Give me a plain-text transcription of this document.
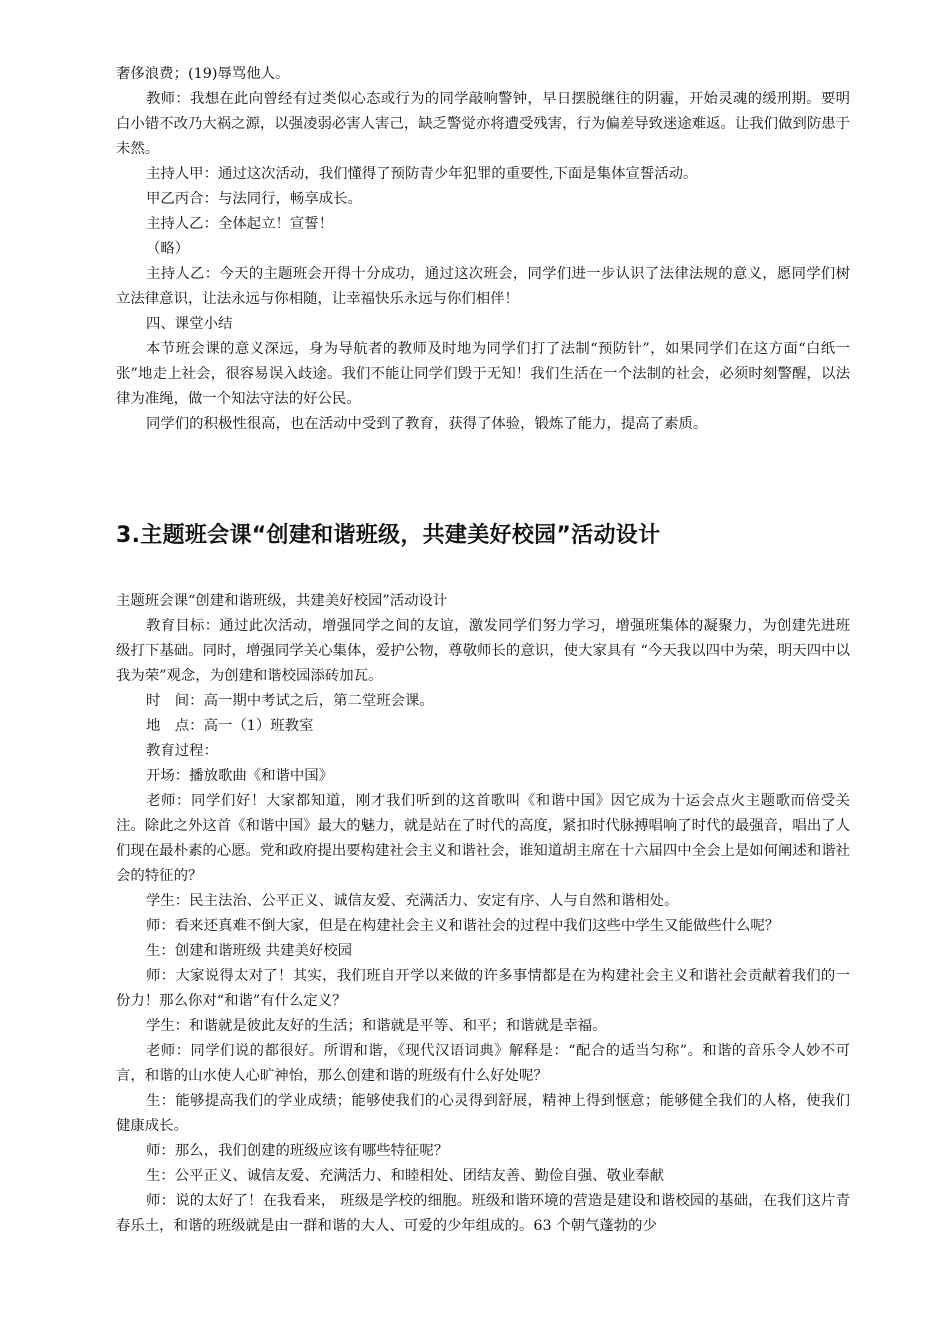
奢侈浪费；(19)辱骂他人。

教师：我想在此向曾经有过类似心态或行为的同学敲响警钟，早日摆脱继往的阴霾，开始灵魂的缓刑期。要明白小错不改乃大祸之源，以强凌弱必害人害己，缺乏警觉亦将遭受残害，行为偏差导致迷途难返。让我们做到防患于未然。

主持人甲：通过这次活动，我们懂得了预防青少年犯罪的重要性,下面是集体宣誓活动。

甲乙丙合：与法同行，畅享成长。

主持人乙：全体起立！宣誓！

（略）

主持人乙：今天的主题班会开得十分成功，通过这次班会，同学们进一步认识了法律法规的意义，愿同学们树立法律意识，让法永远与你相随，让幸福快乐永远与你们相伴！

四、课堂小结

本节班会课的意义深远，身为导航者的教师及时地为同学们打了法制“预防针”，如果同学们在这方面“白纸一张”地走上社会，很容易误入歧途。我们不能让同学们毁于无知！我们生活在一个法制的社会，必须时刻警醒，以法律为准绳，做一个知法守法的好公民。

同学们的积极性很高，也在活动中受到了教育，获得了体验，锻炼了能力，提高了素质。

3.主题班会课“创建和谐班级，共建美好校园”活动设计

主题班会课“创建和谐班级，共建美好校园”活动设计

教育目标：通过此次活动，增强同学之间的友谊，激发同学们努力学习，增强班集体的凝聚力，为创建先进班级打下基础。同时，增强同学关心集体，爱护公物，尊敬师长的意识，使大家具有 “今天我以四中为荣，明天四中以我为荣”观念，为创建和谐校园添砖加瓦。

时　间：高一期中考试之后，第二堂班会课。

地　点：高一（1）班教室

教育过程：

开场：播放歌曲《和谐中国》

老师：同学们好！大家都知道，刚才我们听到的这首歌叫《和谐中国》因它成为十运会点火主题歌而倍受关注。除此之外这首《和谐中国》最大的魅力，就是站在了时代的高度，紧扣时代脉搏唱响了时代的最强音，唱出了人们现在最朴素的心愿。党和政府提出要构建社会主义和谐社会，谁知道胡主席在十六届四中全会上是如何阐述和谐社会的特征的？

学生：民主法治、公平正义、诚信友爱、充满活力、安定有序、人与自然和谐相处。

师：看来还真难不倒大家，但是在构建社会主义和谐社会的过程中我们这些中学生又能做些什么呢？

生：创建和谐班级 共建美好校园

师：大家说得太对了！其实，我们班自开学以来做的许多事情都是在为构建社会主义和谐社会贡献着我们的一份力！那么你对“和谐”有什么定义？

学生：和谐就是彼此友好的生活；和谐就是平等、和平；和谐就是幸福。

老师：同学们说的都很好。所谓和谐，《现代汉语词典》解释是：“配合的适当匀称”。和谐的音乐令人妙不可言，和谐的山水使人心旷神怡，那么创建和谐的班级有什么好处呢？

生：能够提高我们的学业成绩；能够使我们的心灵得到舒展，精神上得到惬意；能够健全我们的人格，使我们健康成长。

师：那么，我们创建的班级应该有哪些特征呢？

生：公平正义、诚信友爱、充满活力、和睦相处、团结友善、勤俭自强、敬业奉献

师：说的太好了！在我看来， 班级是学校的细胞。班级和谐环境的营造是建设和谐校园的基础，在我们这片青春乐土，和谐的班级就是由一群和谐的大人、可爱的少年组成的。63 个朝气蓬勃的少
